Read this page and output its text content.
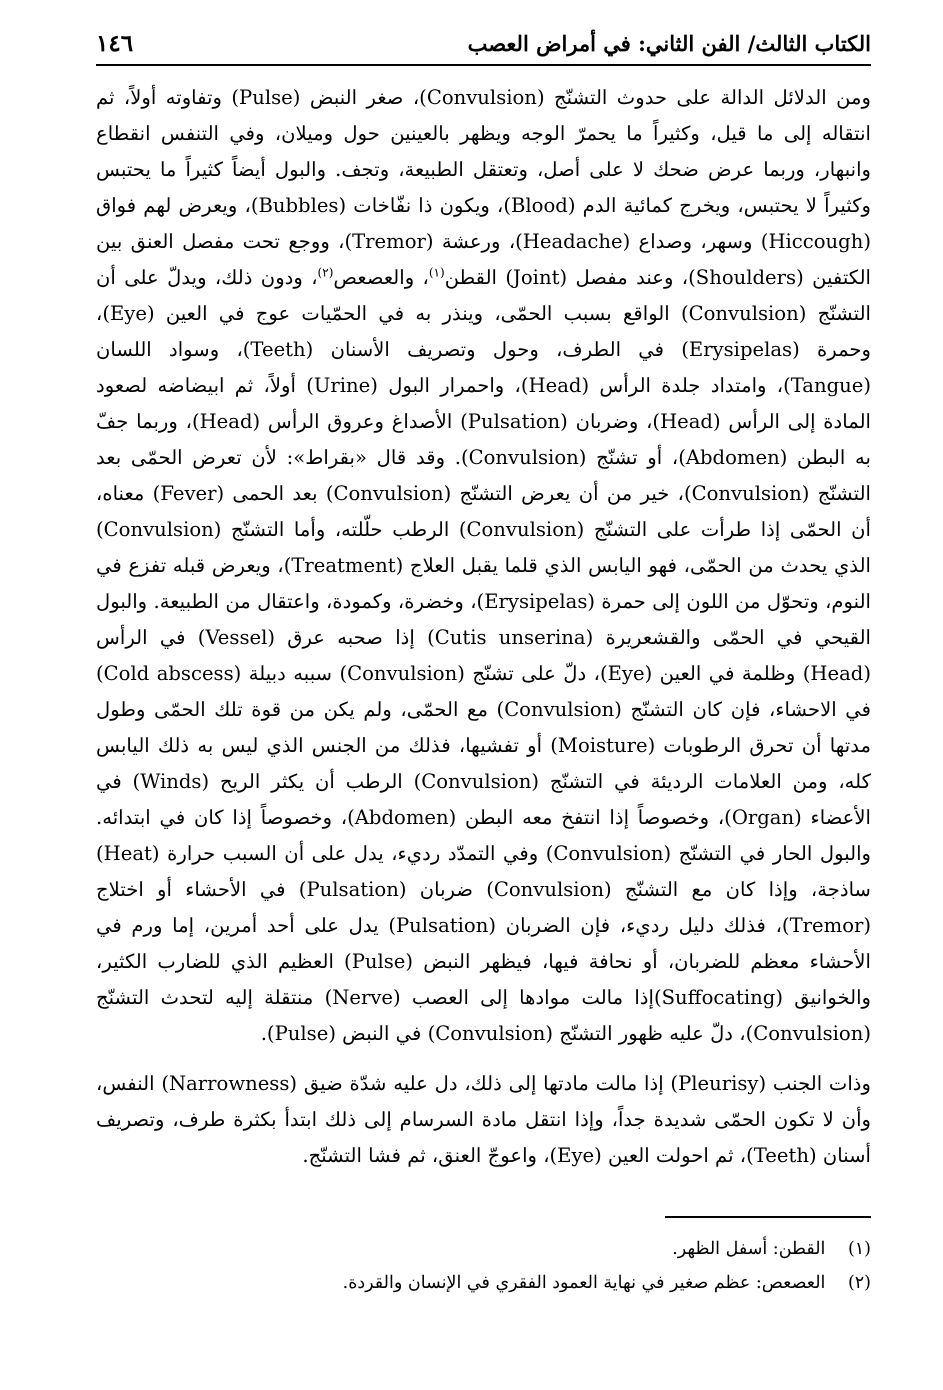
الكتاب الثالث/ الفن الثاني: في أمراض العصب
١٤٦

ومن الدلائل الدالة على حدوث التشنّج (Convulsion)، صغر النبض (Pulse) وتفاوته أولاً، ثم انتقاله إلى ما قيل، وكثيراً ما يحمرّ الوجه ويظهر بالعينين حول وميلان، وفي التنفس انقطاع وانبهار، وربما عرض ضحك لا على أصل، وتعتقل الطبيعة، وتجف. والبول أيضاً كثيراً ما يحتبس وكثيراً لا يحتبس، ويخرج كمائية الدم (Blood)، ويكون ذا نفّاخات (Bubbles)، ويعرض لهم فواق (Hiccough) وسهر، وصداع (Headache)، ورعشة (Tremor)، ووجع تحت مفصل العنق بين الكتفين (Shoulders)، وعند مفصل (Joint) القطن$^{(١)}$، والعصعص$^{(٢)}$، ودون ذلك، ويدلّ على أن التشنّج (Convulsion) الواقع بسبب الحمّى، وينذر به في الحمّيات عوج في العين (Eye)، وحمرة (Erysipelas) في الطرف، وحول وتصريف الأسنان (Teeth)، وسواد اللسان (Tangue)، وامتداد جلدة الرأس (Head)، واحمرار البول (Urine) أولاً، ثم ابيضاضه لصعود المادة إلى الرأس (Head)، وضربان (Pulsation) الأصداغ وعروق الرأس (Head)، وربما جفّ به البطن (Abdomen)، أو تشنّج (Convulsion). وقد قال «بقراط»: لأن تعرض الحمّى بعد التشنّج (Convulsion)، خير من أن يعرض التشنّج (Convulsion) بعد الحمى (Fever) معناه، أن الحمّى إذا طرأت على التشنّج (Convulsion) الرطب حلّلته، وأما التشنّج (Convulsion) الذي يحدث من الحمّى، فهو اليابس الذي قلما يقبل العلاج (Treatment)، ويعرض قبله تفزع في النوم، وتحوّل من اللون إلى حمرة (Erysipelas)، وخضرة، وكمودة، واعتقال من الطبيعة. والبول القيحي في الحمّى والقشعريرة (Cutis unserina) إذا صحبه عرق (Vessel) في الرأس (Head) وظلمة في العين (Eye)، دلّ على تشنّج (Convulsion) سببه دبيلة (Cold abscess) في الاحشاء، فإن كان التشنّج (Convulsion) مع الحمّى، ولم يكن من قوة تلك الحمّى وطول مدتها أن تحرق الرطوبات (Moisture) أو تفشيها، فذلك من الجنس الذي ليس به ذلك اليابس كله، ومن العلامات الرديئة في التشنّج (Convulsion) الرطب أن يكثر الريح (Winds) في الأعضاء (Organ)، وخصوصاً إذا انتفخ معه البطن (Abdomen)، وخصوصاً إذا كان في ابتدائه. والبول الحار في التشنّج (Convulsion) وفي التمدّد رديء، يدل على أن السبب حرارة (Heat) ساذجة، وإذا كان مع التشنّج (Convulsion) ضربان (Pulsation) في الأحشاء أو اختلاج (Tremor)، فذلك دليل رديء، فإن الضربان (Pulsation) يدل على أحد أمرين، إما ورم في الأحشاء معظم للضربان، أو نحافة فيها، فيظهر النبض (Pulse) العظيم الذي للضارب الكثير، والخوانيق (Suffocating)إذا مالت موادها إلى العصب (Nerve) منتقلة إليه لتحدث التشنّج (Convulsion)، دلّ عليه ظهور التشنّج (Convulsion) في النبض (Pulse).

وذات الجنب (Pleurisy) إذا مالت مادتها إلى ذلك، دل عليه شدّة ضيق (Narrowness) النفس، وأن لا تكون الحمّى شديدة جداً، وإذا انتقل مادة السرسام إلى ذلك ابتدأ بكثرة طرف، وتصريف أسنان (Teeth)، ثم احولت العين (Eye)، واعوجّ العنق، ثم فشا التشنّج.

(١) القطن: أسفل الظهر.
(٢) العصعص: عظم صغير في نهاية العمود الفقري في الإنسان والقردة.
